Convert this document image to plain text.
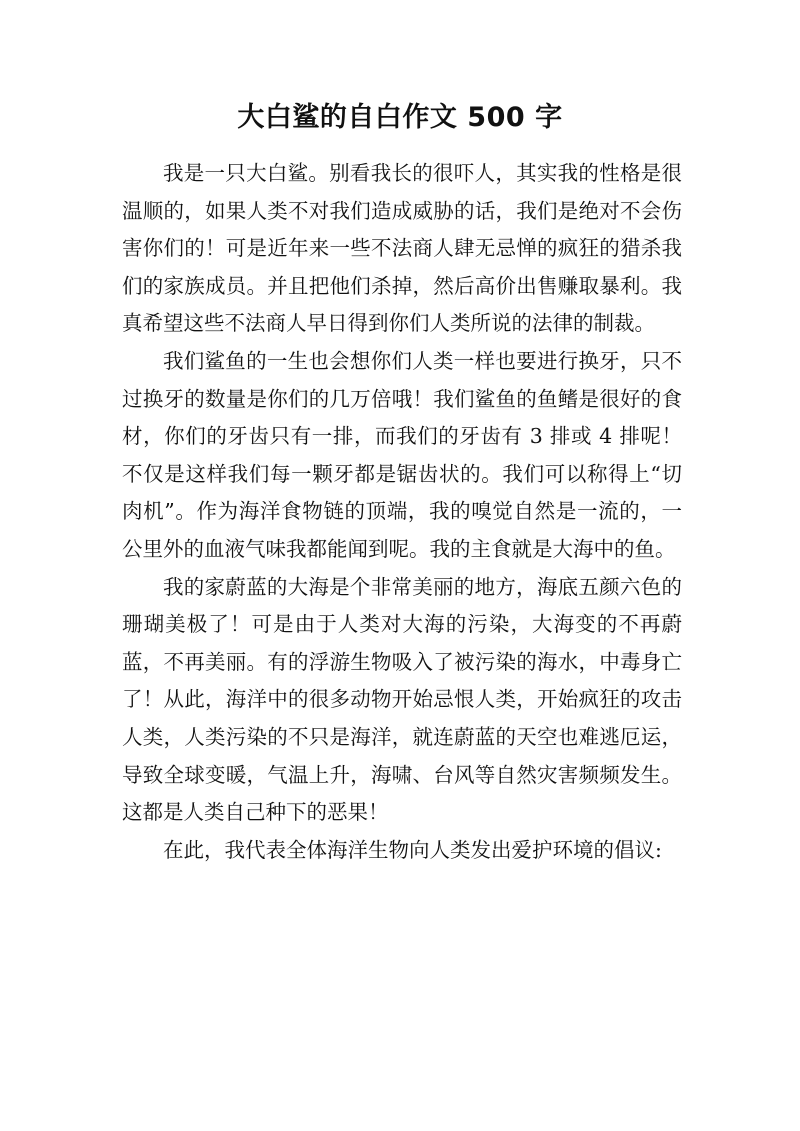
大白鲨的自白作文 500 字

我是一只大白鲨。别看我长的很吓人，其实我的性格是很温顺的，如果人类不对我们造成威胁的话，我们是绝对不会伤害你们的！可是近年来一些不法商人肆无忌惮的疯狂的猎杀我们的家族成员。并且把他们杀掉，然后高价出售赚取暴利。我真希望这些不法商人早日得到你们人类所说的法律的制裁。

我们鲨鱼的一生也会想你们人类一样也要进行换牙，只不过换牙的数量是你们的几万倍哦！我们鲨鱼的鱼鳍是很好的食材，你们的牙齿只有一排，而我们的牙齿有 3 排或 4 排呢！不仅是这样我们每一颗牙都是锯齿状的。我们可以称得上“切肉机”。作为海洋食物链的顶端，我的嗅觉自然是一流的，一公里外的血液气味我都能闻到呢。我的主食就是大海中的鱼。

我的家蔚蓝的大海是个非常美丽的地方，海底五颜六色的珊瑚美极了！可是由于人类对大海的污染，大海变的不再蔚蓝，不再美丽。有的浮游生物吸入了被污染的海水，中毒身亡了！从此，海洋中的很多动物开始忌恨人类，开始疯狂的攻击人类，人类污染的不只是海洋，就连蔚蓝的天空也难逃厄运，导致全球变暖，气温上升，海啸、台风等自然灾害频频发生。这都是人类自己种下的恶果！

在此，我代表全体海洋生物向人类发出爱护环境的倡议:
